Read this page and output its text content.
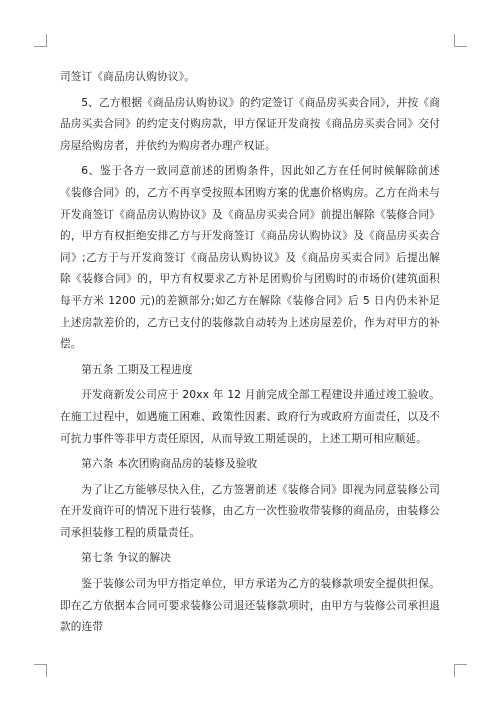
司签订《商品房认购协议》。

5、乙方根据《商品房认购协议》的约定签订《商品房买卖合同》，并按《商品房买卖合同》的约定支付购房款，甲方保证开发商按《商品房买卖合同》交付房屋给购房者，并依约为购房者办理产权证。

6、鉴于各方一致同意前述的团购条件，因此如乙方在任何时候解除前述《装修合同》的，乙方不再享受按照本团购方案的优惠价格购房。乙方在尚未与开发商签订《商品房认购协议》及《商品房买卖合同》前提出解除《装修合同》的，甲方有权拒绝安排乙方与开发商签订《商品房认购协议》及《商品房买卖合同》;乙方于与开发商签订《商品房认购协议》及《商品房买卖合同》后提出解除《装修合同》的，甲方有权要求乙方补足团购价与团购时的市场价(建筑面积每平方米 1200 元)的差额部分;如乙方在解除《装修合同》后 5 日内仍未补足上述房款差价的，乙方已支付的装修款自动转为上述房屋差价，作为对甲方的补偿。

第五条 工期及工程进度

开发商新发公司应于 20xx 年 12 月前完成全部工程建设并通过竣工验收。在施工过程中，如遇施工困难、政策性因素、政府行为或政府方面责任，以及不可抗力事件等非甲方责任原因，从而导致工期延误的，上述工期可相应顺延。

第六条 本次团购商品房的装修及验收

为了让乙方能够尽快入住，乙方签署前述《装修合同》即视为同意装修公司在开发商许可的情况下进行装修，由乙方一次性验收带装修的商品房，由装修公司承担装修工程的质量责任。

第七条 争议的解决

鉴于装修公司为甲方指定单位，甲方承诺为乙方的装修款项安全提供担保。即在乙方依据本合同可要求装修公司退还装修款项时，由甲方与装修公司承担退款的连带
